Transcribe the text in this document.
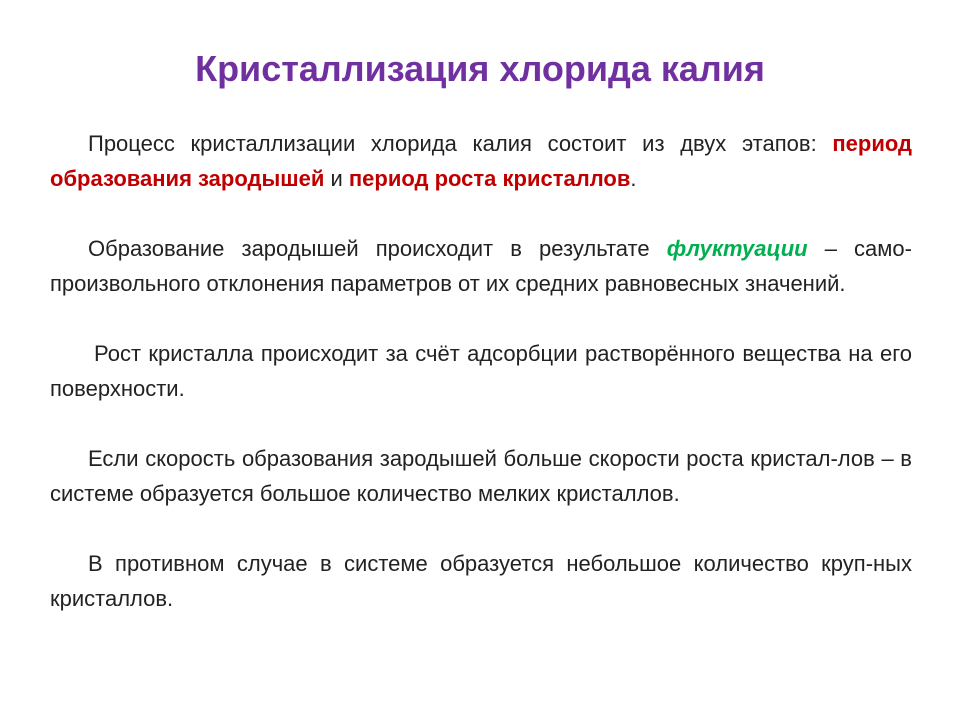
Кристаллизация хлорида калия

Процесс кристаллизации хлорида калия состоит из двух этапов: период образования зародышей и период роста кристаллов.

Образование зародышей происходит в результате флуктуации – само-произвольного отклонения параметров от их средних равновесных значений.

Рост кристалла происходит за счёт адсорбции растворённого вещества на его поверхности.

Если скорость образования зародышей больше скорости роста кристал-лов – в системе образуется большое количество мелких кристаллов.

В противном случае в системе образуется небольшое количество круп-ных кристаллов.
